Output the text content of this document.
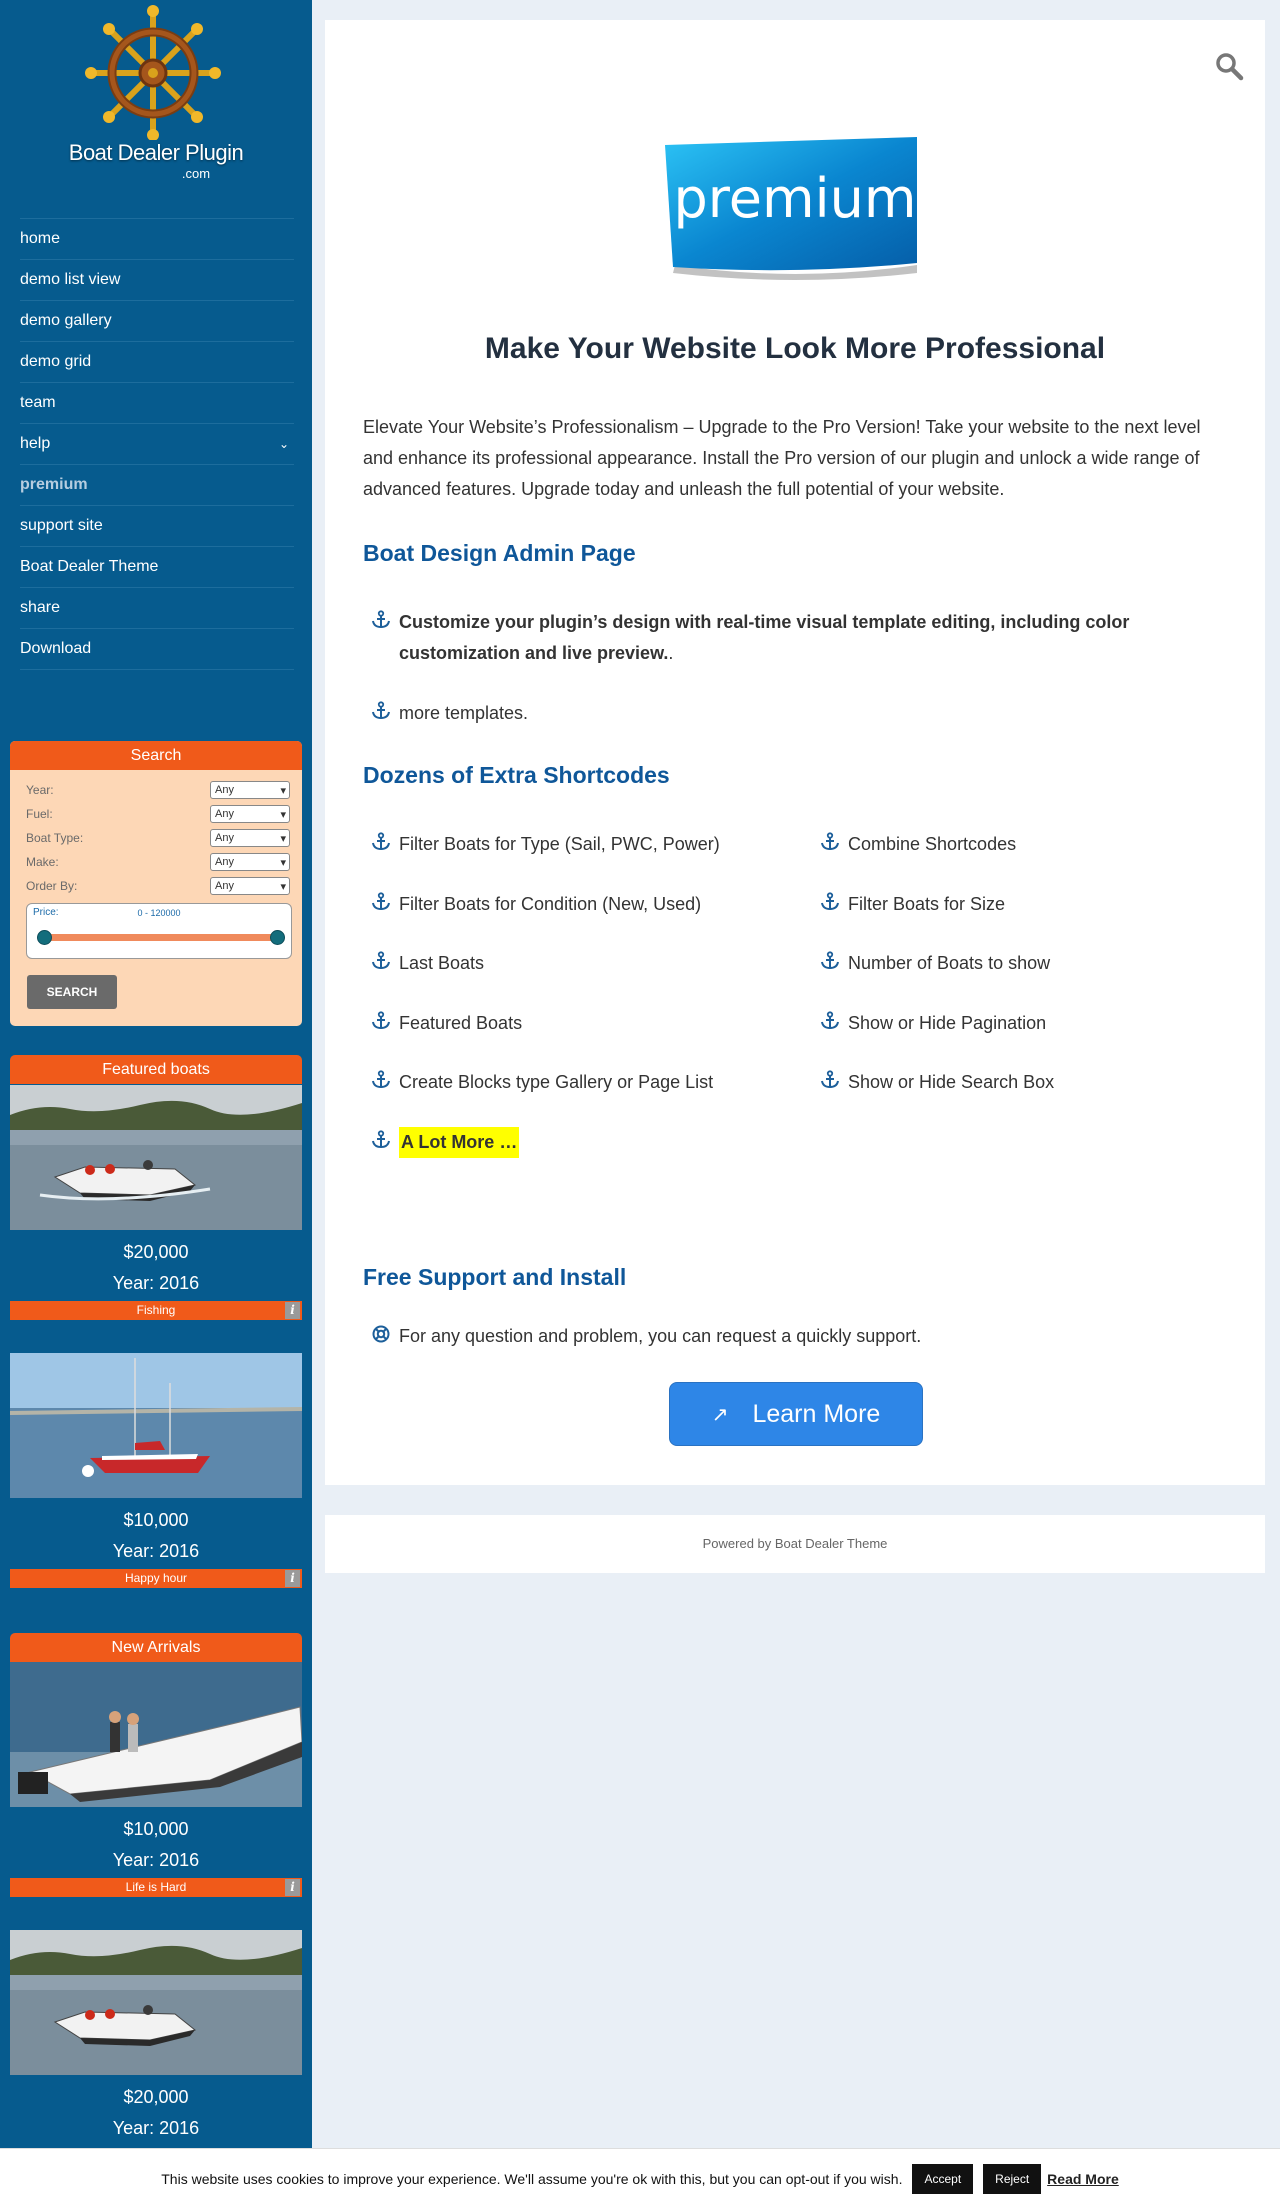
Boat Dealer Plugin
.com
home
demo list view
demo gallery
demo grid
team
help	⌄
premium
support site
Boat Dealer Theme
share
Download
Search
Year:	Any	▾
Fuel:	Any	▾
Boat Type:	Any	▾
Make:	Any	▾
Order By:	Any	▾
Price:	0 - 120000
SEARCH
Featured boats
$20,000
Year: 2016
Fishing	i
$10,000
Year: 2016
Happy hour	i
New Arrivals
$10,000
Year: 2016
Life is Hard	i
$20,000
Year: 2016
premium
Make Your Website Look More Professional

Elevate Your Website’s Professionalism – Upgrade to the Pro Version! Take your website to the next level and enhance its professional appearance. Install the Pro version of our plugin and unlock a wide range of advanced features. Upgrade today and unleash the full potential of your website.

Boat Design Admin Page
Customize your plugin’s design with real-time visual template editing, including color customization and live preview..
more templates.
Dozens of Extra Shortcodes
Filter Boats for Type (Sail, PWC, Power)
Filter Boats for Condition (New, Used)
Last Boats
Featured Boats
Create Blocks type Gallery or Page List
A Lot More …
Combine Shortcodes
Filter Boats for Size
Number of Boats to show
Show or Hide Pagination
Show or Hide Search Box
Free Support and Install
For any question and problem, you can request a quickly support.
↗ Learn More
Powered by Boat Dealer Theme
This website uses cookies to improve your experience. We'll assume you're ok with this, but you can opt-out if you wish.	Accept	Reject	Read More
